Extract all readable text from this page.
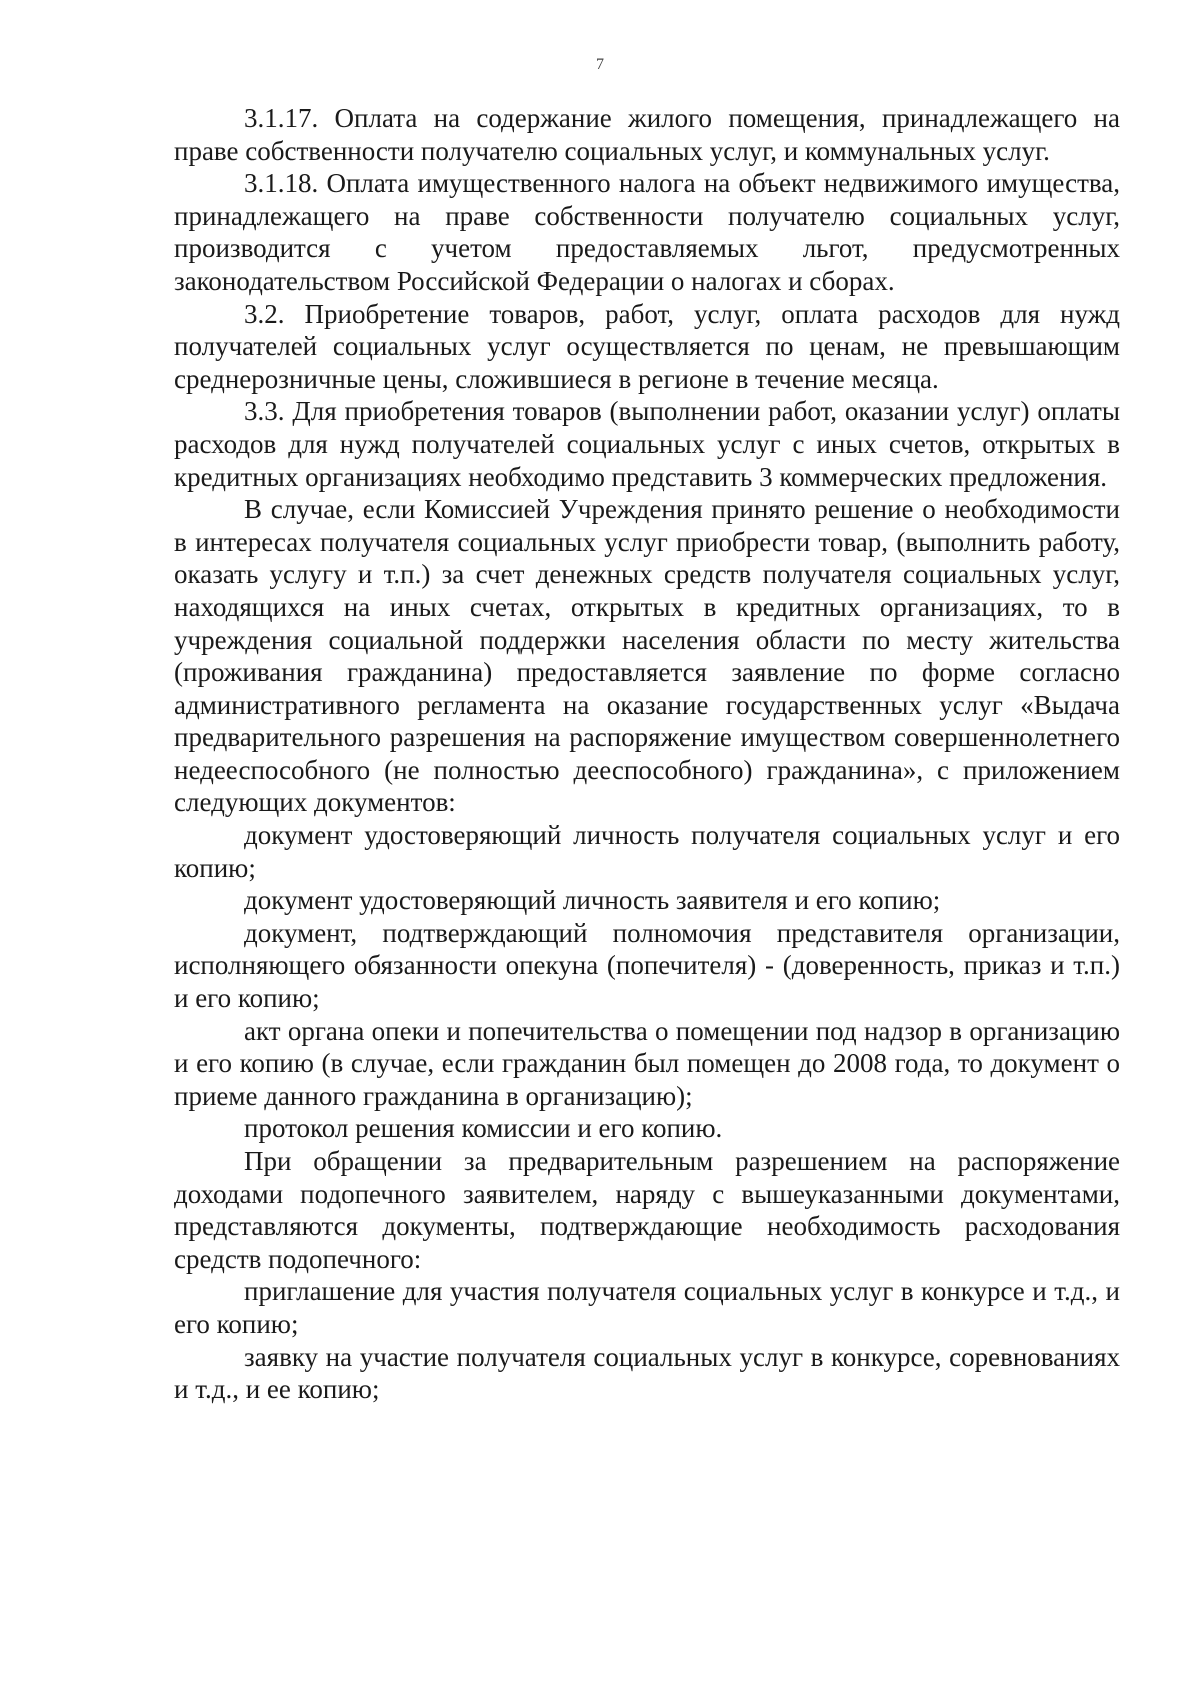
7

3.1.17. Оплата на содержание жилого помещения, принадлежащего на праве собственности получателю социальных услуг, и коммунальных услуг.

3.1.18. Оплата имущественного налога на объект недвижимого имущества, принадлежащего на праве собственности получателю социальных услуг, производится с учетом предоставляемых льгот, предусмотренных законодательством Российской Федерации о налогах и сборах.

3.2. Приобретение товаров, работ, услуг, оплата расходов для нужд получателей социальных услуг осуществляется по ценам, не превышающим среднерозничные цены, сложившиеся в регионе в течение месяца.

3.3. Для приобретения товаров (выполнении работ, оказании услуг) оплаты расходов для нужд получателей социальных услуг с иных счетов, открытых в кредитных организациях необходимо представить 3 коммерческих предложения.

В случае, если Комиссией Учреждения принято решение о необходимости в интересах получателя социальных услуг приобрести товар, (выполнить работу, оказать услугу и т.п.) за счет денежных средств получателя социальных услуг, находящихся на иных счетах, открытых в кредитных организациях, то в учреждения социальной поддержки населения области по месту жительства (проживания гражданина) предоставляется заявление по форме согласно административного регламента на оказание государственных услуг «Выдача предварительного разрешения на распоряжение имуществом совершеннолетнего недееспособного (не полностью дееспособного) гражданина», с приложением следующих документов:

документ удостоверяющий личность получателя социальных услуг и его копию;

документ удостоверяющий личность заявителя и его копию;

документ, подтверждающий полномочия представителя организации, исполняющего обязанности опекуна (попечителя) - (доверенность, приказ и т.п.) и его копию;

акт органа опеки и попечительства о помещении под надзор в организацию и его копию (в случае, если гражданин был помещен до 2008 года, то документ о приеме данного гражданина в организацию);

протокол решения комиссии и его копию.

При обращении за предварительным разрешением на распоряжение доходами подопечного заявителем, наряду с вышеуказанными документами, представляются документы, подтверждающие необходимость расходования средств подопечного:

приглашение для участия получателя социальных услуг в конкурсе и т.д., и его копию;

заявку на участие получателя социальных услуг в конкурсе, соревнованиях и т.д., и ее копию;
